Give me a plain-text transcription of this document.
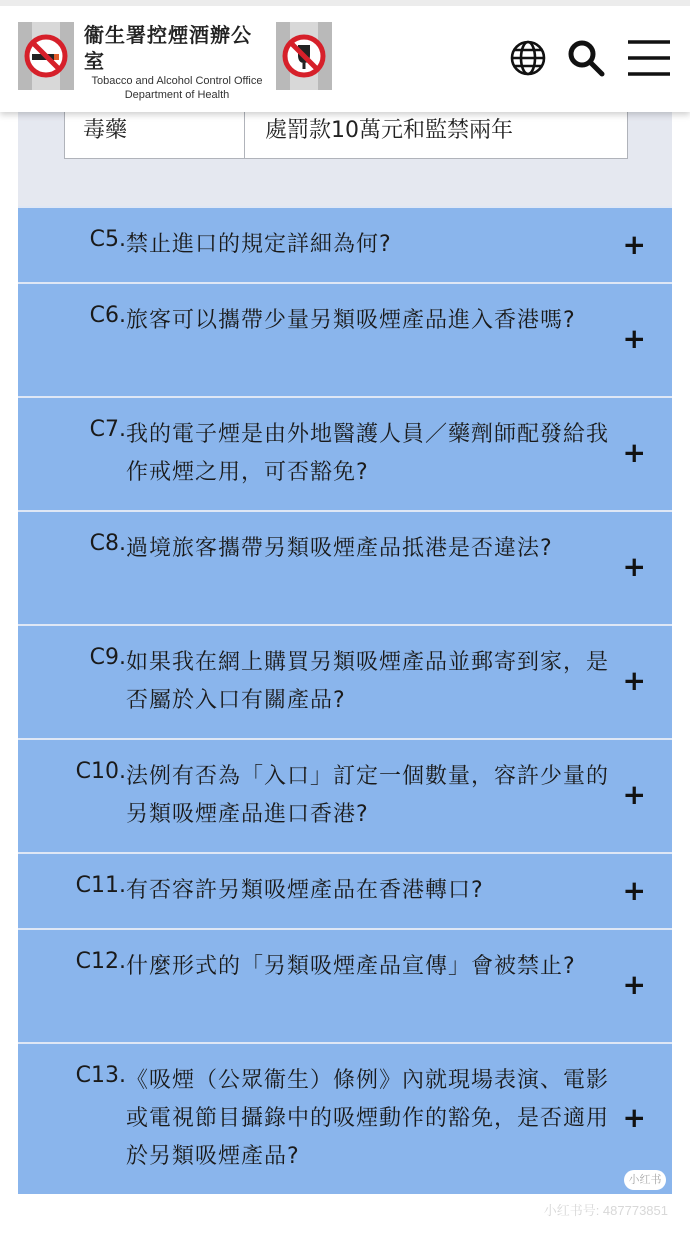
衞生署控煙酒辦公室
Tobacco and Alcohol Control Office
Department of Health
毒藥	處罰款10萬元和監禁兩年
C5. 禁止進口的規定詳細為何?	+
C6. 旅客可以攜帶少量另類吸煙產品進入香港嗎?
+
C7. 我的電子煙是由外地醫護人員／藥劑師配發給我作戒煙之用，可否豁免?
+
C8. 過境旅客攜帶另類吸煙產品抵港是否違法?
+
C9. 如果我在網上購買另類吸煙產品並郵寄到家，是否屬於入口有關產品?
+
C10. 法例有否為「入口」訂定一個數量，容許少量的另類吸煙產品進口香港?
+
C11. 有否容許另類吸煙產品在香港轉口?	+
C12. 什麼形式的「另類吸煙產品宣傳」會被禁止?
+
C13. 《吸煙（公眾衞生）條例》內就現場表演、電影或電視節目攝錄中的吸煙動作的豁免，是否適用於另類吸煙產品?
+
小红书
小红书号: 487773851
